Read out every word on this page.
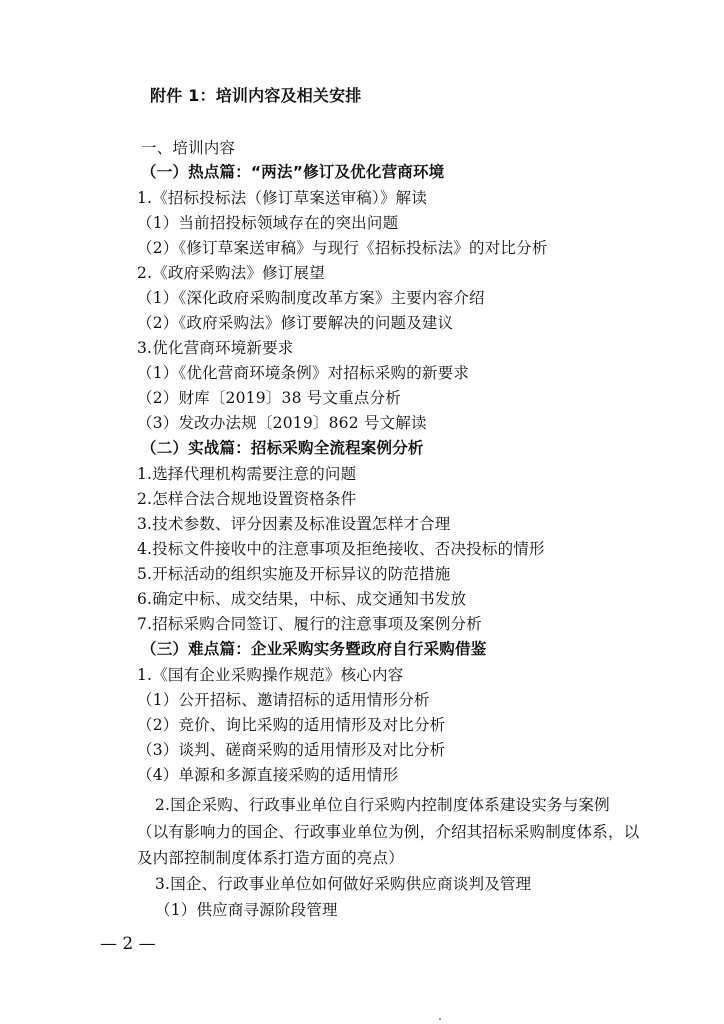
附件 1：培训内容及相关安排
一、培训内容
（一）热点篇：“两法”修订及优化营商环境
1.《招标投标法（修订草案送审稿）》解读
（1）当前招投标领域存在的突出问题
（2）《修订草案送审稿》与现行《招标投标法》的对比分析
2.《政府采购法》修订展望
（1）《深化政府采购制度改革方案》主要内容介绍
（2）《政府采购法》修订要解决的问题及建议
3.优化营商环境新要求
（1）《优化营商环境条例》对招标采购的新要求
（2）财库〔2019〕38 号文重点分析
（3）发改办法规〔2019〕862 号文解读
（二）实战篇：招标采购全流程案例分析
1.选择代理机构需要注意的问题
2.怎样合法合规地设置资格条件
3.技术参数、评分因素及标准设置怎样才合理
4.投标文件接收中的注意事项及拒绝接收、否决投标的情形
5.开标活动的组织实施及开标异议的防范措施
6.确定中标、成交结果，中标、成交通知书发放
7.招标采购合同签订、履行的注意事项及案例分析
（三）难点篇：企业采购实务暨政府自行采购借鉴
1.《国有企业采购操作规范》核心内容
（1）公开招标、邀请招标的适用情形分析
（2）竞价、询比采购的适用情形及对比分析
（3）谈判、磋商采购的适用情形及对比分析
（4）单源和多源直接采购的适用情形
2.国企采购、行政事业单位自行采购内控制度体系建设实务与案例
（以有影响力的国企、行政事业单位为例，介绍其招标采购制度体系，以
及内部控制制度体系打造方面的亮点）
3.国企、行政事业单位如何做好采购供应商谈判及管理
（1）供应商寻源阶段管理
— 2 —
